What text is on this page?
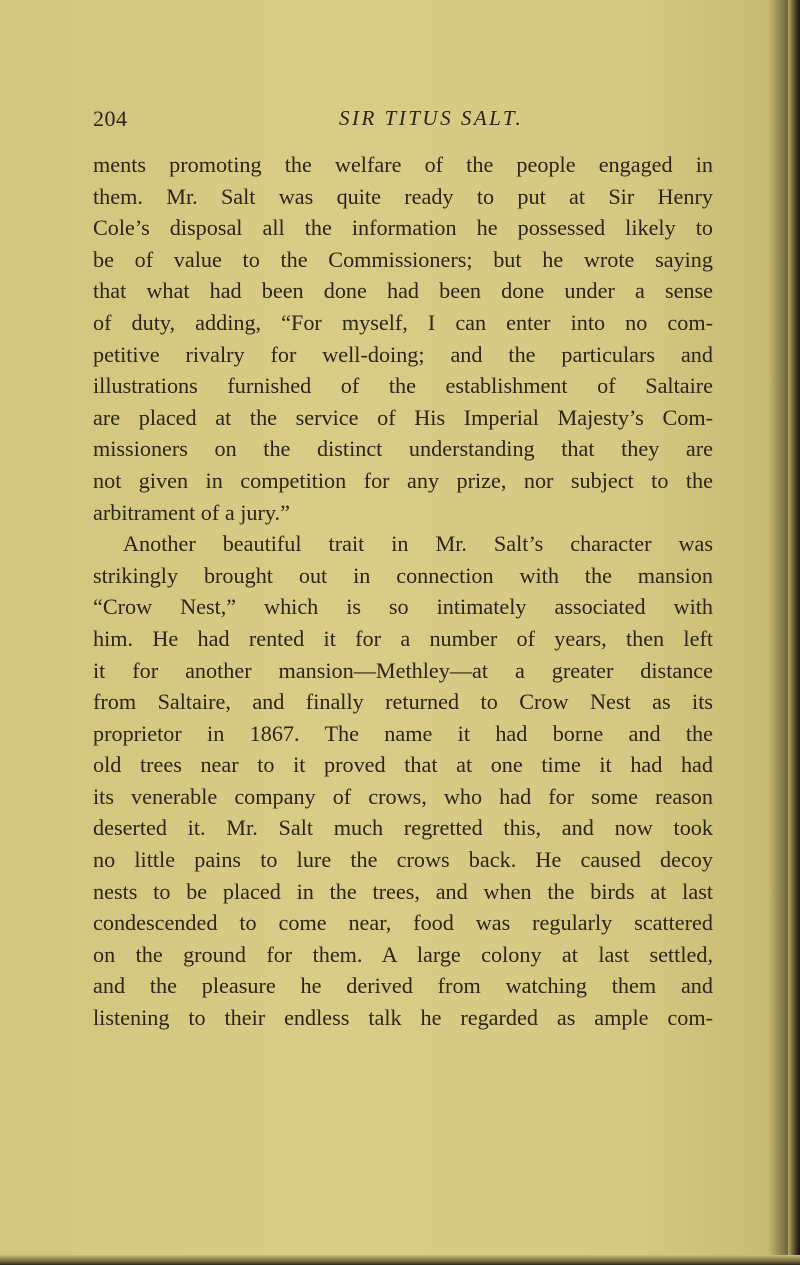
204	SIR TITUS SALT.
ments promoting the welfare of the people engaged in
them. Mr. Salt was quite ready to put at Sir Henry
Cole’s disposal all the information he possessed likely to
be of value to the Commissioners; but he wrote saying
that what had been done had been done under a sense
of duty, adding, “For myself, I can enter into no com-
petitive rivalry for well-doing; and the particulars and
illustrations furnished of the establishment of Saltaire
are placed at the service of His Imperial Majesty’s Com-
missioners on the distinct understanding that they are
not given in competition for any prize, nor subject to the
arbitrament of a jury.”
Another beautiful trait in Mr. Salt’s character was
strikingly brought out in connection with the mansion
“Crow Nest,” which is so intimately associated with
him. He had rented it for a number of years, then left
it for another mansion—Methley—at a greater distance
from Saltaire, and finally returned to Crow Nest as its
proprietor in 1867. The name it had borne and the
old trees near to it proved that at one time it had had
its venerable company of crows, who had for some reason
deserted it. Mr. Salt much regretted this, and now took
no little pains to lure the crows back. He caused decoy
nests to be placed in the trees, and when the birds at last
condescended to come near, food was regularly scattered
on the ground for them. A large colony at last settled,
and the pleasure he derived from watching them and
listening to their endless talk he regarded as ample com-
